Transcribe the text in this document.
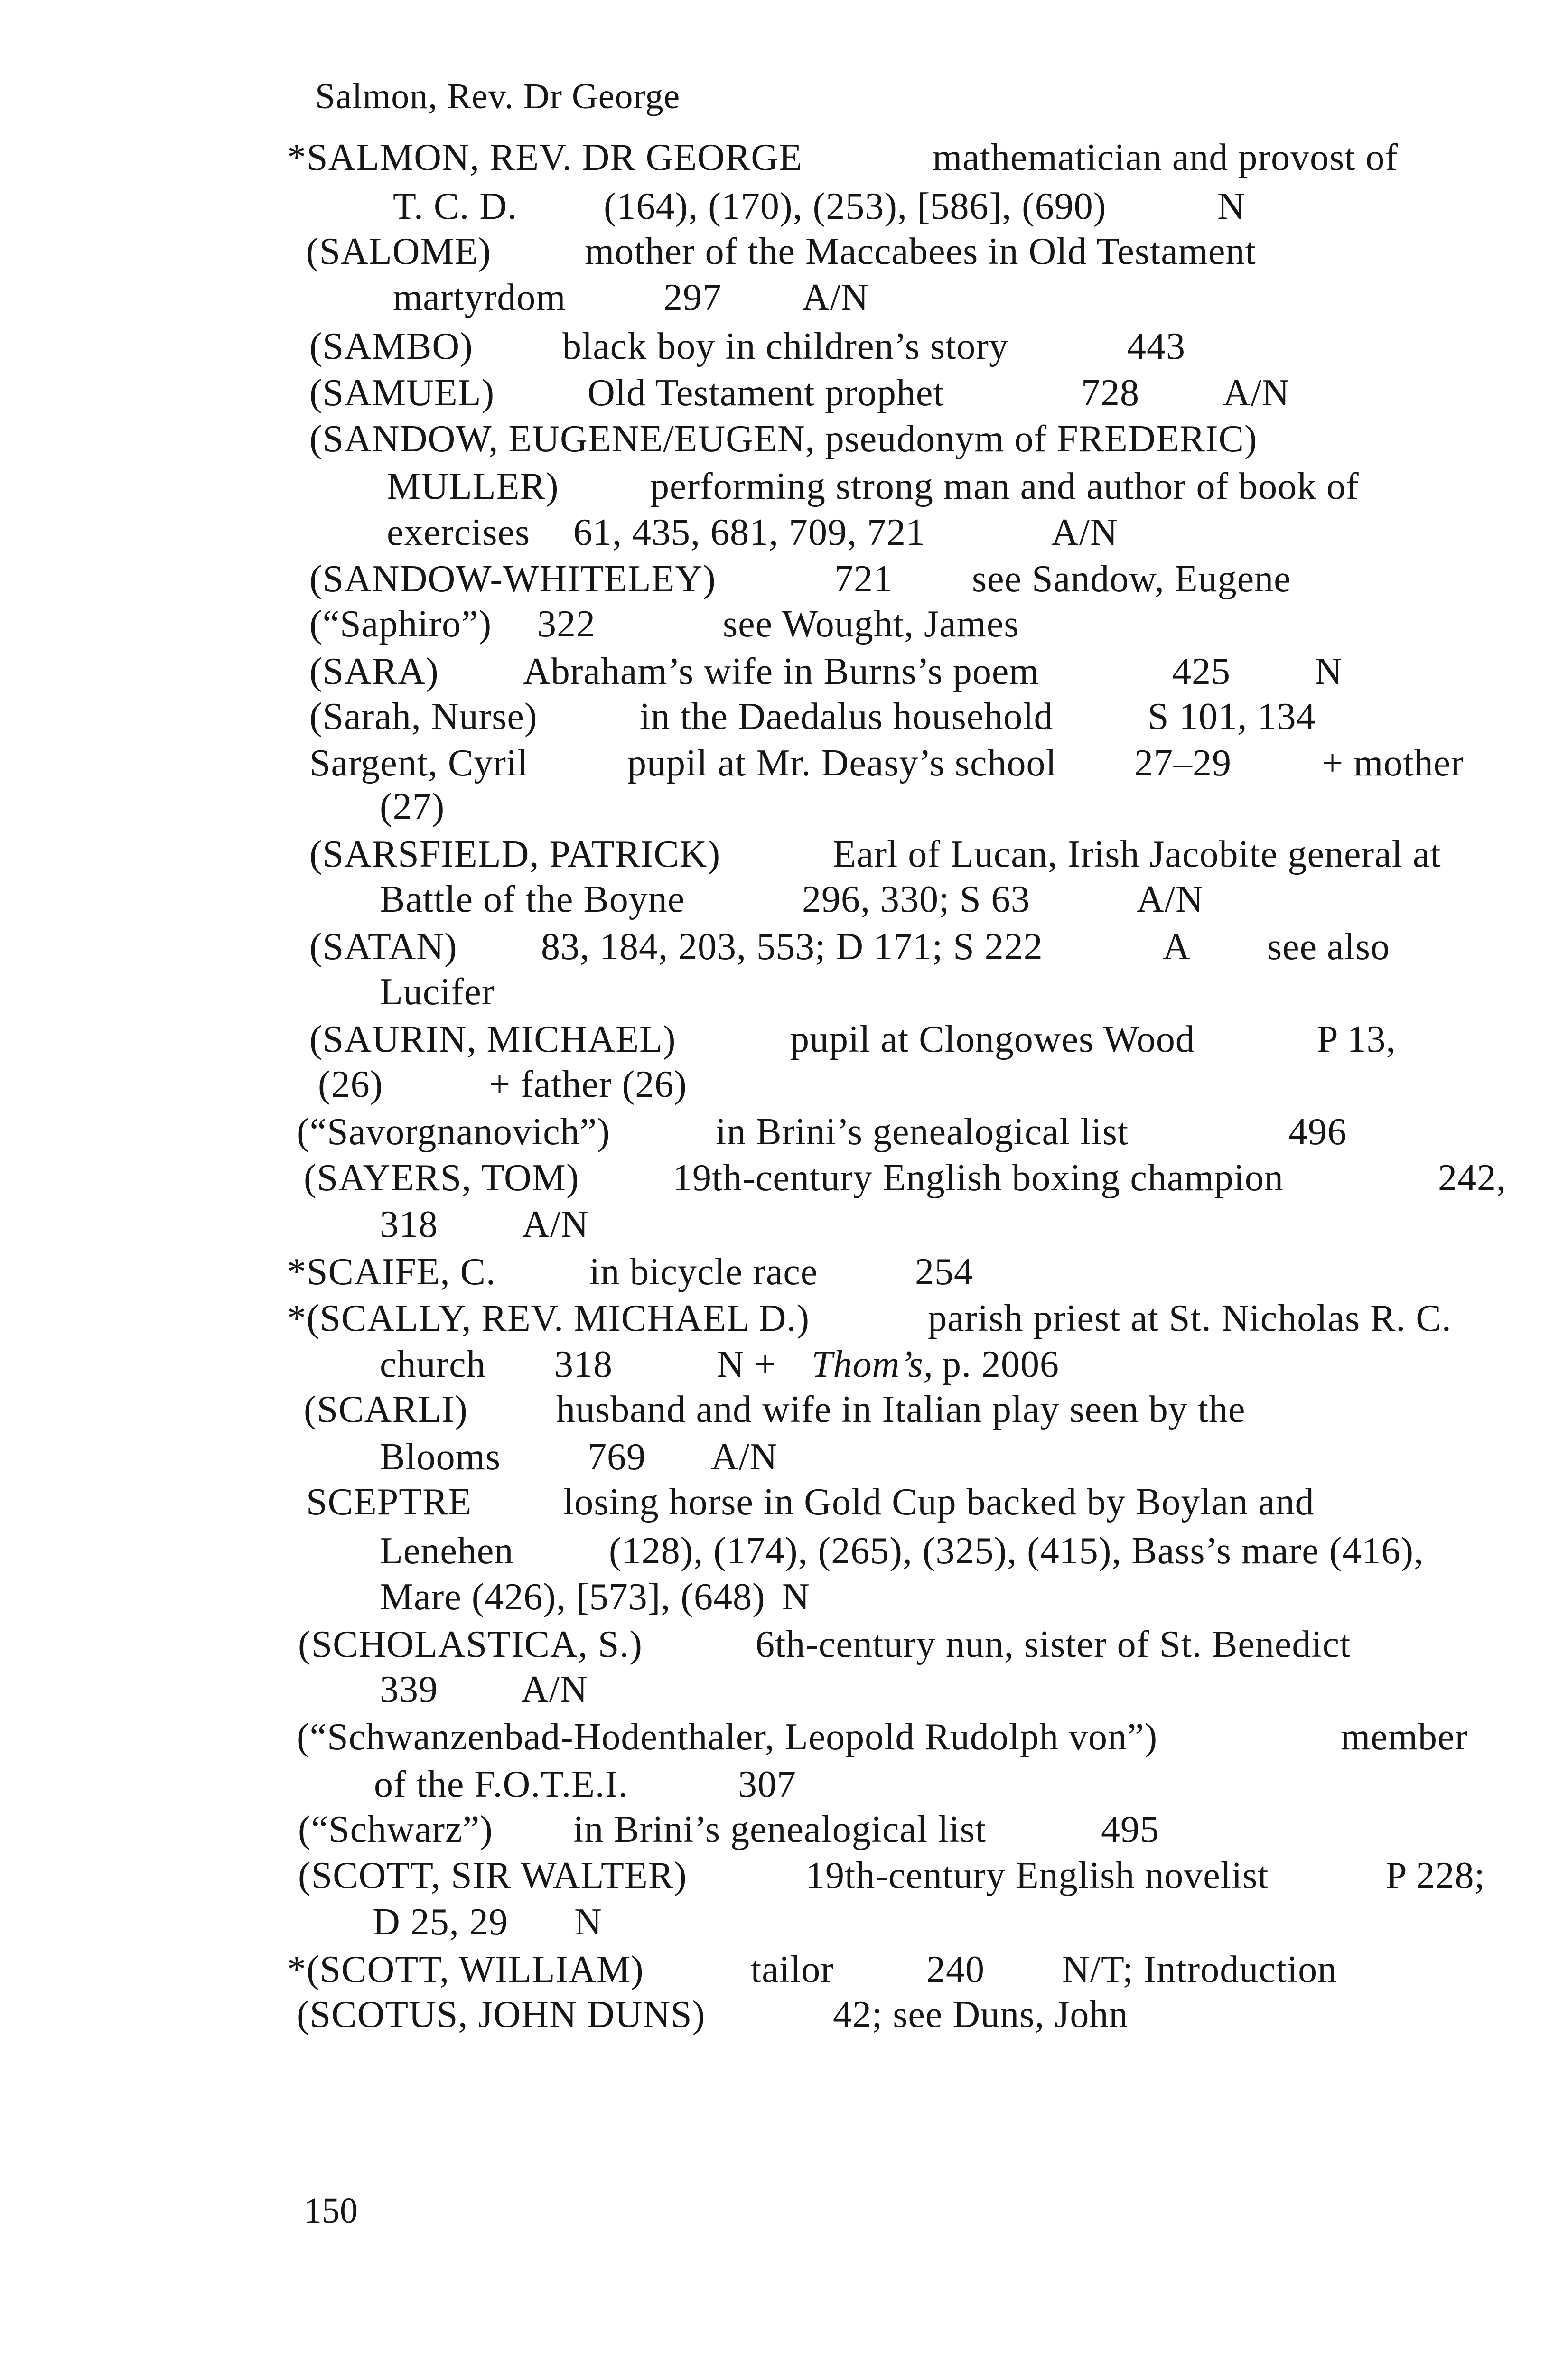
Salmon, Rev. Dr George
*SALMON, REV. DR GEORGE	mathematician and provost of
T. C. D. (164), (170), (253), [586], (690)	N
(SALOME) mother of the Maccabees in Old Testament
martyrdom	297 A/N
(SAMBO) black boy in children’s story	443
(SAMUEL) Old Testament prophet	728 A/N
(SANDOW, EUGENE/EUGEN, pseudonym of FREDERIC)
MULLER) performing strong man and author of book of
exercises 61, 435, 681, 709, 721	A/N
(SANDOW-WHITELEY)	721 see Sandow, Eugene
(“Saphiro”) 322	see Wought, James
(SARA) Abraham’s wife in Burns’s poem	425 N
(Sarah, Nurse)	in the Daedalus household S 101, 134
Sargent, Cyril	pupil at Mr. Deasy’s school 27–29 + mother
(27)
(SARSFIELD, PATRICK)	Earl of Lucan, Irish Jacobite general at
Battle of the Boyne	296, 330; S 63	A/N
(SATAN) 83, 184, 203, 553; D 171; S 222	A see also
Lucifer
(SAURIN, MICHAEL)	pupil at Clongowes Wood	P 13,
(26)	+ father (26)
(“Savorgnanovich”)	in Brini’s genealogical list	496
(SAYERS, TOM) 19th-century English boxing champion	242,
318 A/N
*SCAIFE, C. in bicycle race	254
*(SCALLY, REV. MICHAEL D.)	parish priest at St. Nicholas R. C.
church 318	N + Thom’s, p. 2006
(SCARLI) husband and wife in Italian play seen by the
Blooms 769 A/N
SCEPTRE losing horse in Gold Cup backed by Boylan and
Lenehen	(128), (174), (265), (325), (415), Bass’s mare (416),
Mare (426), [573], (648) N
(SCHOLASTICA, S.)	6th-century nun, sister of St. Benedict
339 A/N
(“Schwanzenbad-Hodenthaler, Leopold Rudolph von”)	member
of the F.O.T.E.I.	307
(“Schwarz”) in Brini’s genealogical list	495
(SCOTT, SIR WALTER)	19th-century English novelist	P 228;
D 25, 29 N
*(SCOTT, WILLIAM)	tailor 240 N/T; Introduction
(SCOTUS, JOHN DUNS)	42; see Duns, John
150
